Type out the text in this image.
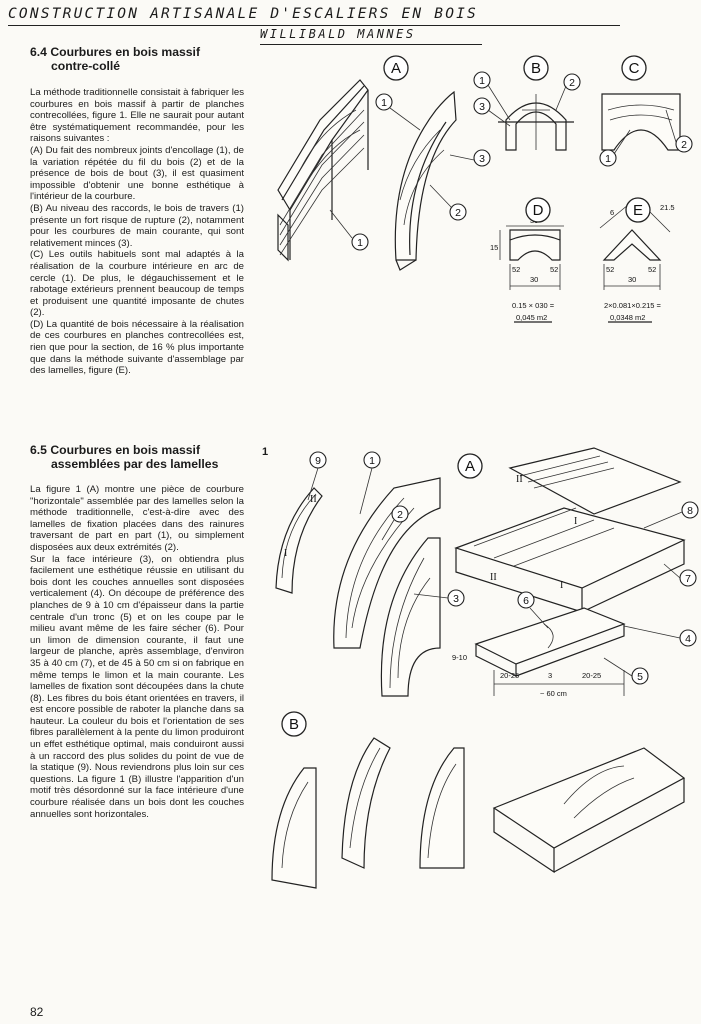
CONSTRUCTION ARTISANALE D'ESCALIERS EN BOIS
WILLIBALD MANNES
6.4 Courbures en bois massif
contre-collé

La méthode traditionnelle consistait à fabriquer les courbures en bois massif à partir de planches contrecollées, figure 1. Elle ne saurait pour autant être systématiquement recommandée, pour les raisons suivantes :

(A) Du fait des nombreux joints d'encollage (1), de la variation répétée du fil du bois (2) et de la présence de bois de bout (3), il est quasiment impossible d'obtenir une bonne esthétique à l'intérieur de la courbure.

(B) Au niveau des raccords, le bois de travers (1) présente un fort risque de rupture (2), notamment pour les courbures de main courante, qui sont relativement minces (3).

(C) Les outils habituels sont mal adaptés à la réalisation de la courbure intérieure en arc de cercle (1). De plus, le dégauchissement et le rabotage extérieurs prennent beaucoup de temps et produisent une quantité imposante de chutes (2).

(D) La quantité de bois nécessaire à la réalisation de ces courbures en planches contrecollées est, rien que pour la section, de 16 % plus importante que dans la méthode suivante d'assemblage par des lamelles, figure (E).

6.5 Courbures en bois massif
assemblées par des lamelles

La figure 1 (A) montre une pièce de courbure "horizontale" assemblée par des lamelles selon la méthode traditionnelle, c'est-à-dire avec des lamelles de fixation placées dans des rainures traversant de part en part (1), ou simplement disposées aux deux extrémités (2).

Sur la face intérieure (3), on obtiendra plus facilement une esthétique réussie en utilisant du bois dont les couches annuelles sont disposées verticalement (4). On découpe de préférence des planches de 9 à 10 cm d'épaisseur dans la partie centrale d'un tronc (5) et on les coupe par le milieu avant même de les faire sécher (6). Pour un limon de dimension courante, il faut une largeur de planche, après assemblage, d'environ 35 à 40 cm (7), et de 45 à 50 cm si on fabrique en même temps le limon et la main courante. Les lamelles de fixation sont découpées dans la chute (8). Les fibres du bois étant orientées en travers, il est encore possible de raboter la planche dans sa hauteur. La couleur du bois et l'orientation de ses fibres parallèlement à la pente du limon produiront un effet esthétique optimal, mais conduiront aussi à un raccord des plus solides du point de vue de la statique (9). Nous reviendrons plus loin sur ces questions. La figure 1 (B) illustre l'apparition d'un motif très désordonné sur la face intérieure d'une courbure réalisée dans un bois dont les couches annuelles sont horizontales.

1
82
15
52	52
30
0.15 × 030 =
0,045 m2
6
21.5
52	52
30
2×0.081×0.215 =
0,0348 m2
A	B	C
D	E
1
3
2
1
1
3
2
1
2
20-25	3	20-25
~ 60 cm
9-10
A
B
9	1
2
3
8
7
6
4
5
II
I
II
I
II
I
